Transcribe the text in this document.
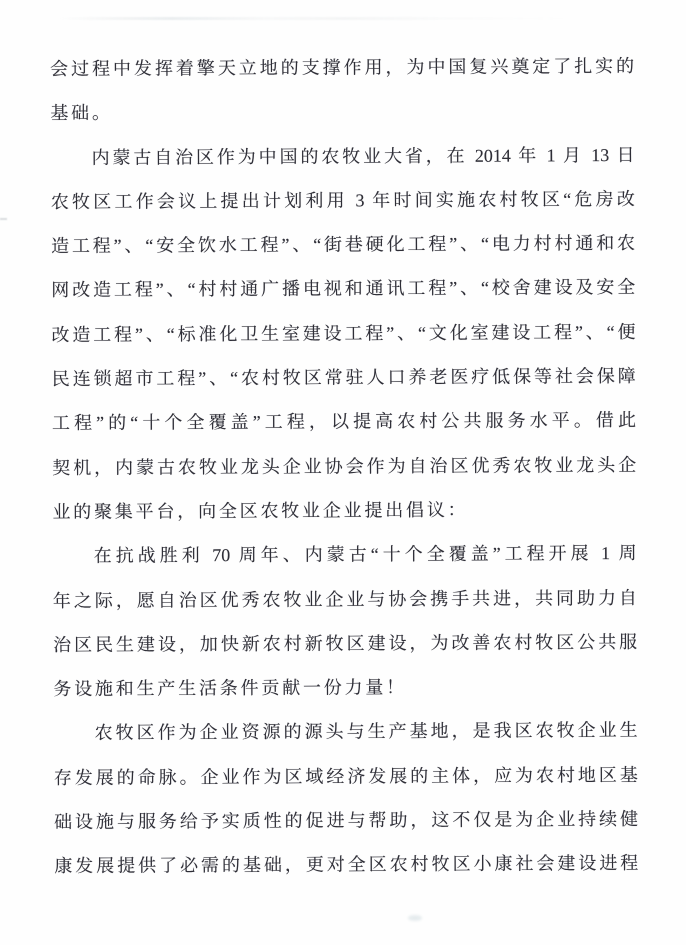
会过程中发挥着擎天立地的支撑作用，为中国复兴奠定了扎实的
基础。
内蒙古自治区作为中国的农牧业大省，在 2014 年 1 月 13 日
农牧区工作会议上提出计划利用 3 年时间实施农村牧区“危房改
造工程”、“安全饮水工程”、“街巷硬化工程”、“电力村村通和农
网改造工程”、“村村通广播电视和通讯工程”、“校舍建设及安全
改造工程”、“标准化卫生室建设工程”、“文化室建设工程”、“便
民连锁超市工程”、“农村牧区常驻人口养老医疗低保等社会保障
工程”的“十个全覆盖”工程，以提高农村公共服务水平。借此
契机，内蒙古农牧业龙头企业协会作为自治区优秀农牧业龙头企
业的聚集平台，向全区农牧业企业提出倡议：
在抗战胜利 70 周年、内蒙古“十个全覆盖”工程开展 1 周
年之际，愿自治区优秀农牧业企业与协会携手共进，共同助力自
治区民生建设，加快新农村新牧区建设，为改善农村牧区公共服
务设施和生产生活条件贡献一份力量！
农牧区作为企业资源的源头与生产基地，是我区农牧企业生
存发展的命脉。企业作为区域经济发展的主体，应为农村地区基
础设施与服务给予实质性的促进与帮助，这不仅是为企业持续健
康发展提供了必需的基础，更对全区农村牧区小康社会建设进程
